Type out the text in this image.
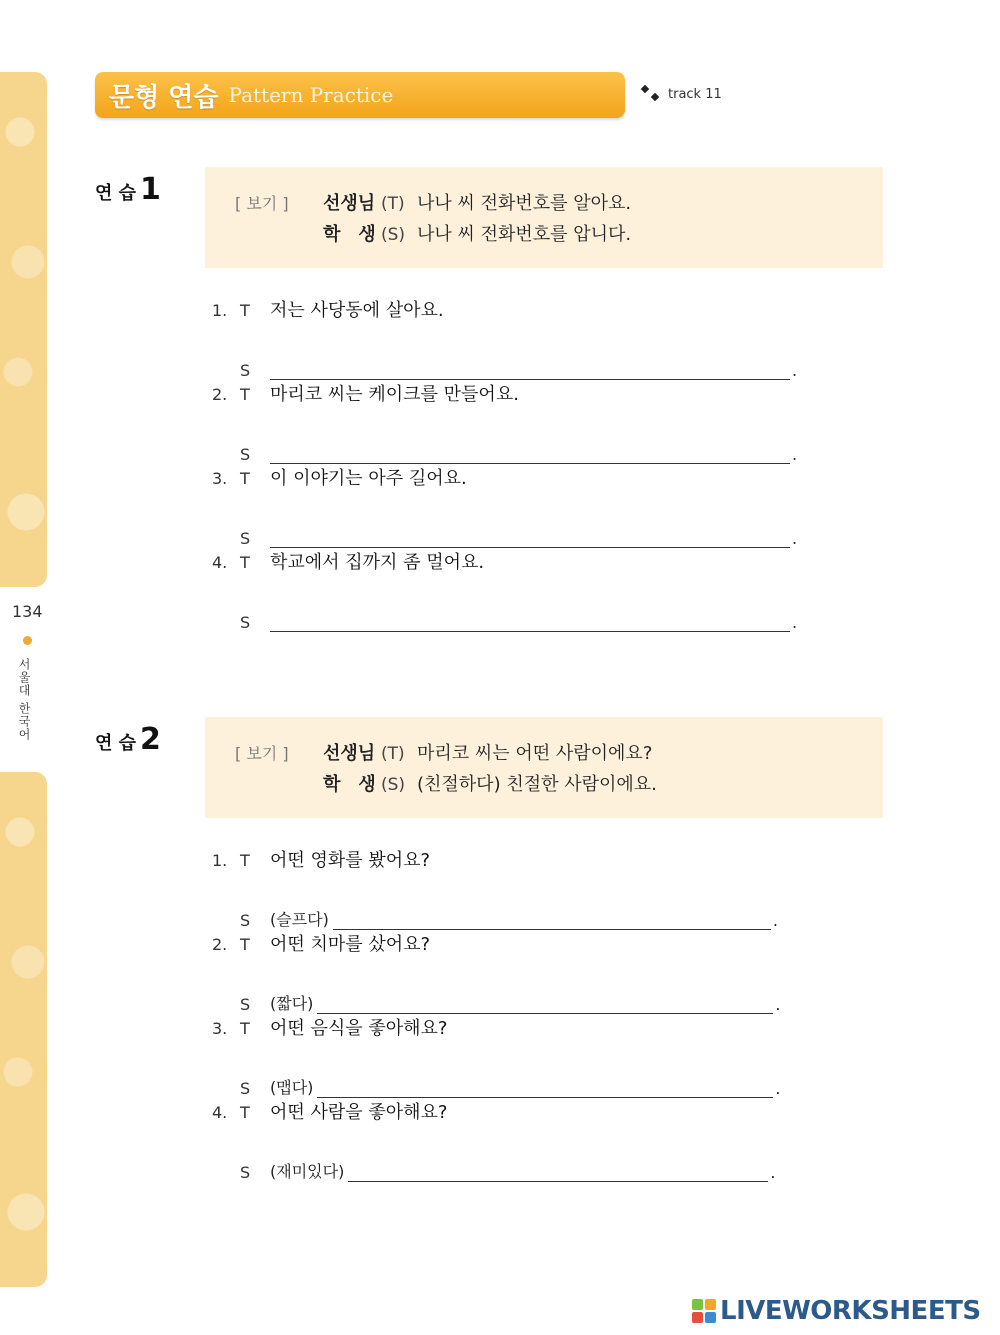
134
서울대 한국어
문형 연습 Pattern Practice	track 11
연 습 1	[ 보기 ]	선생님 (T) 나나 씨 전화번호를 알아요.
학　생 (S) 나나 씨 전화번호를 압니다.
1. T	저는 사당동에 살아요.
S	.
2. T	마리코 씨는 케이크를 만들어요.
S	.
3. T	이 이야기는 아주 길어요.
S	.
4. T	학교에서 집까지 좀 멀어요.
S	.
연 습 2	[ 보기 ]	선생님 (T) 마리코 씨는 어떤 사람이에요?
학　생 (S) (친절하다) 친절한 사람이에요.
1. T	어떤 영화를 봤어요?
S	(슬프다)	.
2. T	어떤 치마를 샀어요?
S	(짧다)	.
3. T	어떤 음식을 좋아해요?
S	(맵다)	.
4. T	어떤 사람을 좋아해요?
S	(재미있다)	.
LIVEWORKSHEETS
